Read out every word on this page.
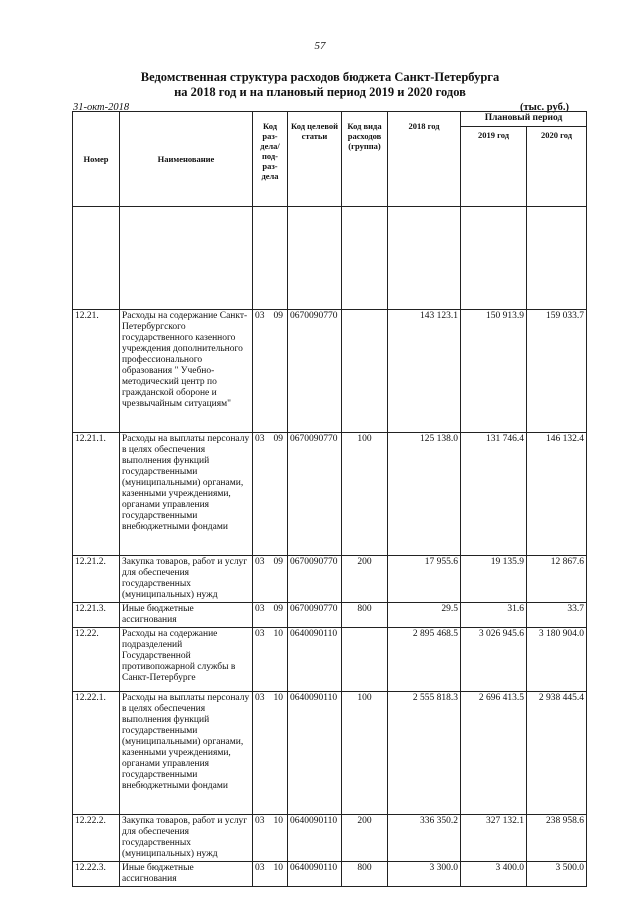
57
Ведомственная структура расходов бюджета Санкт-Петербурга
на 2018 год и на плановый период 2019 и 2020 годов
31-окт-2018	(тыс. руб.)
Номер	Наименование	Код раз-дела/ под-раз-дела	Код целевой статьи	Код вида расходов (группа)	2018 год	Плановый период	
						2019 год	2020 год

12.21.	Расходы на содержание Санкт-Петербургского государственного казенного учреждения дополнительного профессионального образования " Учебно-методический центр по гражданской обороне и чрезвычайным ситуациям"	03 09	0670090770		143 123.1	150 913.9	159 033.7
12.21.1.	Расходы на выплаты персоналу в целях обеспечения выполнения функций государственными (муниципальными) органами, казенными учреждениями, органами управления государственными внебюджетными фондами	03 09	0670090770	100	125 138.0	131 746.4	146 132.4
12.21.2.	Закупка товаров, работ и услуг для обеспечения государственных (муниципальных) нужд	03 09	0670090770	200	17 955.6	19 135.9	12 867.6
12.21.3.	Иные бюджетные ассигнования	03 09	0670090770	800	29.5	31.6	33.7
12.22.	Расходы на содержание подразделений Государственной противопожарной службы в Санкт-Петербурге	03 10	0640090110		2 895 468.5	3 026 945.6	3 180 904.0
12.22.1.	Расходы на выплаты персоналу в целях обеспечения выполнения функций государственными (муниципальными) органами, казенными учреждениями, органами управления государственными внебюджетными фондами	03 10	0640090110	100	2 555 818.3	2 696 413.5	2 938 445.4
12.22.2.	Закупка товаров, работ и услуг для обеспечения государственных (муниципальных) нужд	03 10	0640090110	200	336 350.2	327 132.1	238 958.6
12.22.3.	Иные бюджетные ассигнования	03 10	0640090110	800	3 300.0	3 400.0	3 500.0
